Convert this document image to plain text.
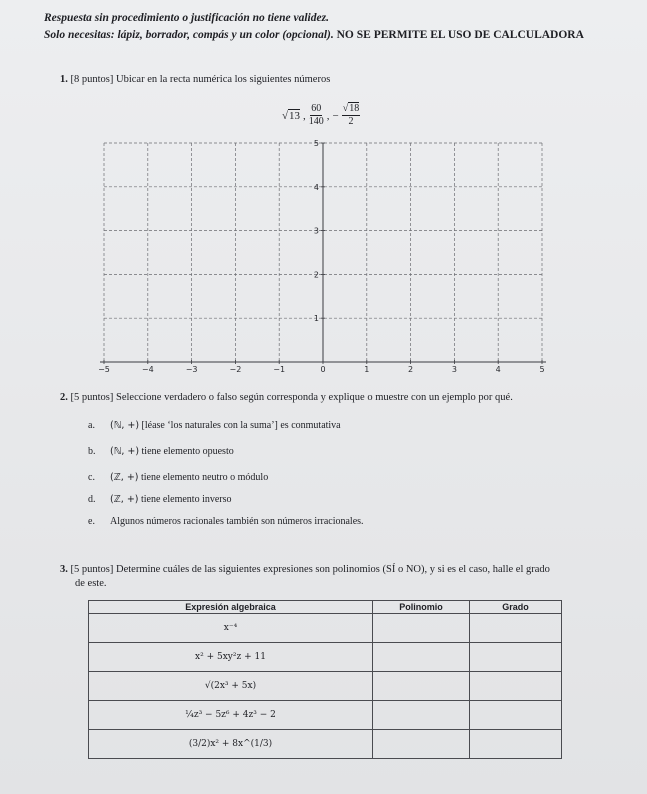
Respuesta sin procedimiento o justificación no tiene validez.
Solo necesitas: lápiz, borrador, compás y un color (opcional). NO SE PERMITE EL USO DE CALCULADORA
1. [8 puntos] Ubicar en la recta numérica los siguientes números
√13 , $\frac{60}{140}$ , − $\frac{√18}{2}$
−5	−4	−3	−2	−1	0	1	2	3	4	5
1
2
3
4
5
2. [5 puntos] Seleccione verdadero o falso según corresponda y explique o muestre con un ejemplo por qué.
a.	(ℕ, +) [léase ‘los naturales con la suma’] es conmutativa
b.	(ℕ, +) tiene elemento opuesto
c.	(ℤ, +) tiene elemento neutro o módulo
d.	(ℤ, +) tiene elemento inverso
e.	Algunos números racionales también son números irracionales.
3. [5 puntos] Determine cuáles de las siguientes expresiones son polinomios (SÍ o NO), y si es el caso, halle el grado
de este.
Expresión algebraica	Polinomio	Grado
x⁻⁴		
x² + 5xy²z + 11		
√(2x³ + 5x)		
¼z³ − 5z⁶ + 4z³ − 2		
(3/2)x² + 8x^(1/3)		
